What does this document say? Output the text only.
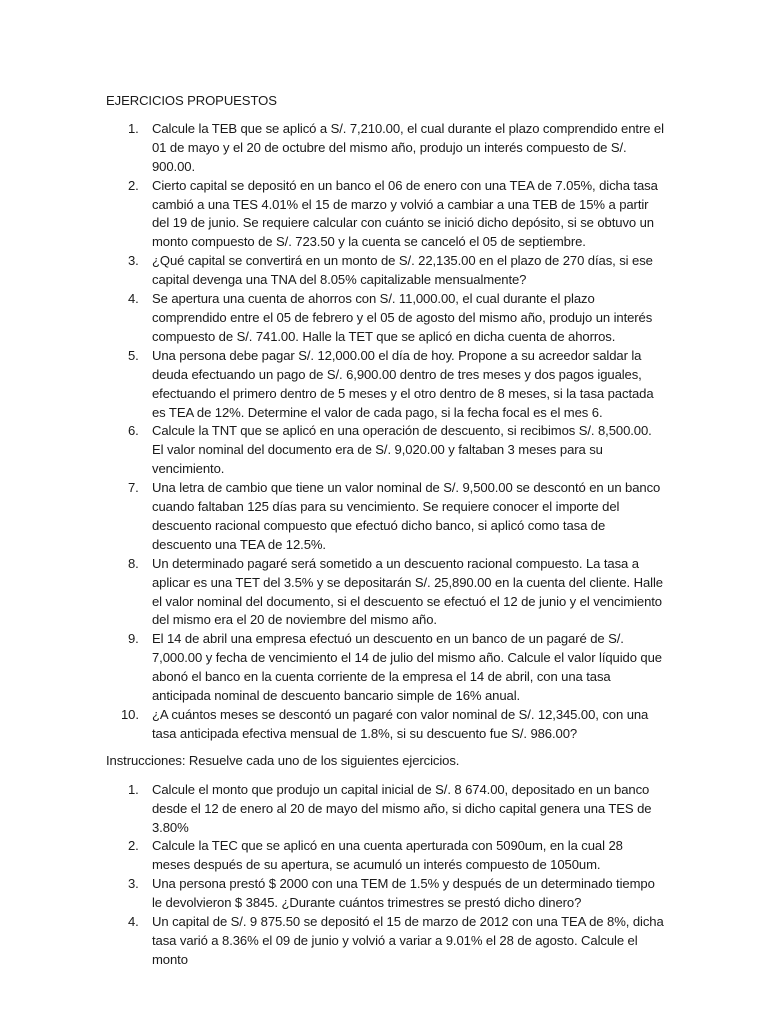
EJERCICIOS PROPUESTOS

1. Calcule la TEB que se aplicó a S/. 7,210.00, el cual durante el plazo comprendido entre el 01 de mayo y el 20 de octubre del mismo año, produjo un interés compuesto de S/. 900.00.
2. Cierto capital se depositó en un banco el 06 de enero con una TEA de 7.05%, dicha tasa cambió a una TES 4.01% el 15 de marzo y volvió a cambiar a una TEB de 15% a partir del 19 de junio. Se requiere calcular con cuánto se inició dicho depósito, si se obtuvo un monto compuesto de S/. 723.50 y la cuenta se canceló el 05 de septiembre.
3. ¿Qué capital se convertirá en un monto de S/. 22,135.00 en el plazo de 270 días, si ese capital devenga una TNA del 8.05% capitalizable mensualmente?
4. Se apertura una cuenta de ahorros con S/. 11,000.00, el cual durante el plazo comprendido entre el 05 de febrero y el 05 de agosto del mismo año, produjo un interés compuesto de S/. 741.00. Halle la TET que se aplicó en dicha cuenta de ahorros.
5. Una persona debe pagar S/. 12,000.00 el día de hoy. Propone a su acreedor saldar la deuda efectuando un pago de S/. 6,900.00 dentro de tres meses y dos pagos iguales, efectuando el primero dentro de 5 meses y el otro dentro de 8 meses, si la tasa pactada es TEA de 12%. Determine el valor de cada pago, si la fecha focal es el mes 6.
6. Calcule la TNT que se aplicó en una operación de descuento, si recibimos S/. 8,500.00. El valor nominal del documento era de S/. 9,020.00 y faltaban 3 meses para su vencimiento.
7. Una letra de cambio que tiene un valor nominal de S/. 9,500.00 se descontó en un banco cuando faltaban 125 días para su vencimiento. Se requiere conocer el importe del descuento racional compuesto que efectuó dicho banco, si aplicó como tasa de descuento una TEA de 12.5%.
8. Un determinado pagaré será sometido a un descuento racional compuesto. La tasa a aplicar es una TET del 3.5% y se depositarán S/. 25,890.00 en la cuenta del cliente. Halle el valor nominal del documento, si el descuento se efectuó el 12 de junio y el vencimiento del mismo era el 20 de noviembre del mismo año.
9. El 14 de abril una empresa efectuó un descuento en un banco de un pagaré de S/. 7,000.00 y fecha de vencimiento el 14 de julio del mismo año. Calcule el valor líquido que abonó el banco en la cuenta corriente de la empresa el 14 de abril, con una tasa anticipada nominal de descuento bancario simple de 16% anual.
10. ¿A cuántos meses se descontó un pagaré con valor nominal de S/. 12,345.00, con una tasa anticipada efectiva mensual de 1.8%, si su descuento fue S/. 986.00?

Instrucciones: Resuelve cada uno de los siguientes ejercicios.

1. Calcule el monto que produjo un capital inicial de S/. 8 674.00, depositado en un banco desde el 12 de enero al 20 de mayo del mismo año, si dicho capital genera una TES de 3.80%
2. Calcule la TEC que se aplicó en una cuenta aperturada con 5090um, en la cual 28 meses después de su apertura, se acumuló un interés compuesto de 1050um.
3. Una persona prestó $ 2000 con una TEM de 1.5% y después de un determinado tiempo le devolvieron $ 3845. ¿Durante cuántos trimestres se prestó dicho dinero?
4. Un capital de S/. 9 875.50 se depositó el 15 de marzo de 2012 con una TEA de 8%, dicha tasa varió a 8.36% el 09 de junio y volvió a variar a 9.01% el 28 de agosto. Calcule el monto
